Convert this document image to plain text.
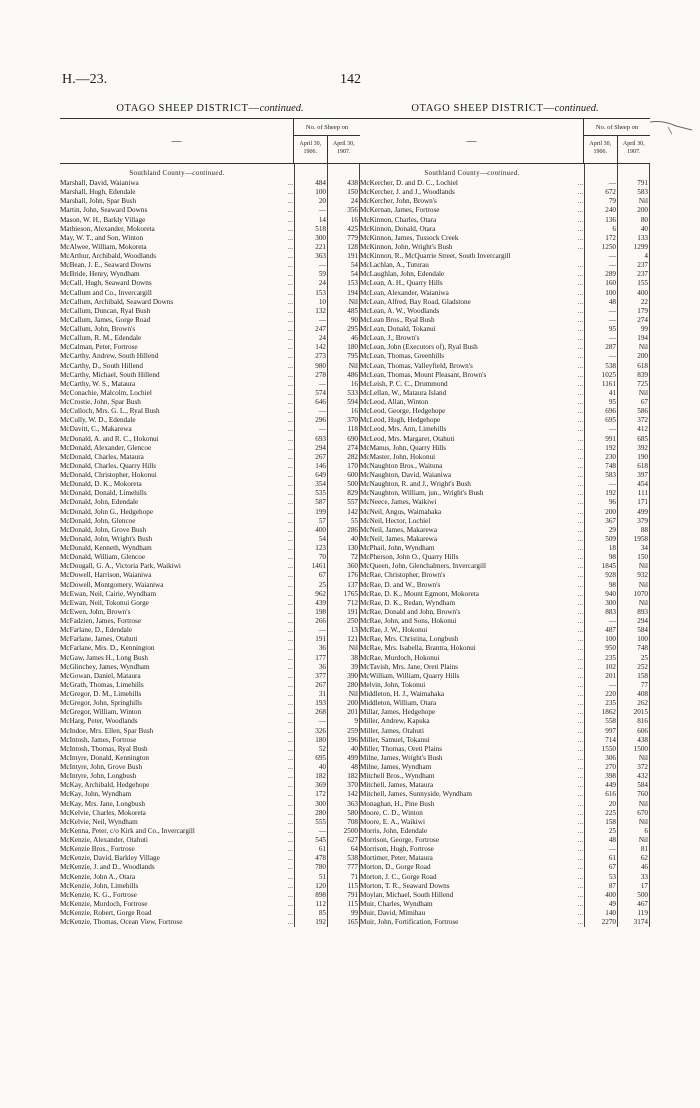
H.—23.	142
OTAGO SHEEP DISTRICT—continued.
—
No. of Sheep on
April 30, 1906.
April 30, 1907.
Southland County—continued.
Marshall, David, Waianiwa	...	484	438
Marshall, Hugh, Edendale	...	100	150
Marshall, John, Spar Bush	...	20	24
Martin, John, Seaward Downs	...	—	356
Mason, W. H., Barkly Village	...	14	16
Mathieson, Alexander, Mokoreta	...	518	425
May, W. T., and Son, Winton	...	300	779
McAlwee, William, Mokoreta	...	221	128
McArthur, Archibald, Woodlands	...	363	191
McBean, J. E., Seaward Downs	...	—	54
McBride, Henry, Wyndham	...	59	54
McCall, Hugh, Seaward Downs	...	24	153
McCallum and Co., Invercargill	...	153	194
McCallum, Archibald, Seaward Downs	...	10	Nil
McCallum, Duncan, Ryal Bush	...	132	485
McCallum, James, Gorge Road	...	—	90
McCallum, John, Brown's	...	247	295
McCallum, R. M., Edendale	...	24	46
McCalman, Peter, Fortrose	...	142	180
McCarthy, Andrew, South Hillend	...	273	795
McCarthy, D., South Hillend	...	980	Nil
McCarthy, Michael, South Hillend	...	278	486
McCarthy, W. S., Mataura	...	—	16
McConachie, Malcolm, Lochiel	...	574	533
McCrostie, John, Spar Bush	...	646	594
McCulloch, Mrs. G. L., Ryal Bush	...	—	16
McCully, W. D., Edendale	...	296	370
McDavitt, C., Makarewa	...	—	118
McDonald, A. and R. C., Hokonui	...	693	690
McDonald, Alexander, Glencoe	...	294	274
McDonald, Charles, Mataura	...	267	282
McDonald, Charles, Quarry Hills	...	146	170
McDonald, Christopher, Hokonui	...	649	600
McDonald, D. K., Mokoreta	...	354	500
McDonald, Donald, Limehills	...	535	829
McDonald, John, Edendale	...	587	557
McDonald, John G., Hedgehope	...	199	142
McDonald, John, Glencoe	...	57	55
McDonald, John, Grove Bush	...	400	286
McDonald, John, Wright's Bush	...	54	40
McDonald, Kenneth, Wyndham	...	123	130
McDonald, William, Glencoe	...	70	72
McDougall, G. A., Victoria Park, Waikiwi	...	1461	360
McDowell, Harrison, Waianiwa	...	67	176
McDowell, Montgomery, Waianiwa	...	25	137
McEwan, Neil, Cairie, Wyndham	...	962	1765
McEwan, Neil, Tokonui Gorge	...	439	712
McEwen, John, Brown's	...	198	191
McFadzien, James, Fortrose	...	266	250
McFarlane, D., Edendale	...	—	13
McFarlane, James, Otahuti	...	191	121
McFarlane, Mrs. D., Kennington	...	36	Nil
McGaw, James H., Long Bush	...	177	38
McGlinchey, James, Wyndham	...	36	39
McGowan, Daniel, Mataura	...	377	390
McGrath, Thomas, Limehills	...	267	280
McGregor, D. M., Limehills	...	31	Nil
McGregor, John, Springhills	...	193	200
McGregor, William, Winton	...	268	201
McHarg, Peter, Woodlands	...	—	9
McIndoe, Mrs. Ellen, Spar Bush	...	326	259
McIntosh, James, Fortrose	...	180	196
McIntosh, Thomas, Ryal Bush	...	52	40
McIntyre, Donald, Kennington	...	695	499
McIntyre, John, Grove Bush	...	40	48
McIntyre, John, Longbush	...	182	182
McKay, Archibald, Hedgehope	...	369	370
McKay, John, Wyndham	...	172	142
McKay, Mrs. Jane, Longbush	...	300	363
McKelvie, Charles, Mokoreta	...	280	580
McKelvie, Neil, Wyndham	...	555	708
McKenna, Peter, c/o Kirk and Co., Invercargill	...	—	2500
McKenzie, Alexander, Otahuti	...	545	627
McKenzie Bros., Fortrose	...	61	64
McKenzie, David, Barkley Village	...	478	538
McKenzie, J. and D., Woodlands	...	780	777
McKenzie, John A., Otara	...	51	71
McKenzie, John, Limehills	...	120	115
McKenzie, K. G., Fortrose	...	898	791
McKenzie, Murdoch, Fortrose	...	112	115
McKenzie, Robert, Gorge Road	...	85	99
McKenzie, Thomas, Ocean View, Fortrose	...	192	165
OTAGO SHEEP DISTRICT—continued.
—
No. of Sheep on
April 30, 1906.
April 30, 1907.
Southland County—continued.
McKercher, D. and D. C., Lochiel	...	—	791
McKercher, J. and J., Woodlands	...	672	583
McKercher, John, Brown's	...	79	Nil
McKernan, James, Fortrose	...	240	200
McKinnon, Charles, Otara	...	136	80
McKinnon, Donald, Otara	...	6	40
McKinnon, James, Tussock Creek	...	172	133
McKinnon, John, Wright's Bush	...	1250	1299
McKinnon, R., McQuarrie Street, South Invercargill	—	4
McLachlan, A., Tuturau	...	—	237
McLaughlan, John, Edendale	...	289	237
McLean, A. H., Quarry Hills	...	160	155
McLean, Alexander, Waianiwa	...	100	400
McLean, Alfred, Bay Road, Gladstone	...	48	22
McLean, A. W., Woodlands	...	—	179
McLean Bros., Ryal Bush	...	—	274
McLean, Donald, Tokanui	...	95	99
McLean, J., Brown's	...	—	194
McLean, John (Executors of), Ryal Bush	...	287	Nil
McLean, Thomas, Greenhills	...	—	200
McLean, Thomas, Valleyfield, Brown's	...	538	618
McLean, Thomas, Mount Pleasant, Brown's	...	1025	839
McLeish, P. C. C., Drummond	...	1161	725
McLellan, W., Mataura Island	...	41	Nil
McLeod, Allan, Winton	...	95	67
McLeod, George, Hedgehope	...	696	586
McLeod, Hugh, Hedgehope	...	695	372
McLeod, Mrs. Ann, Limehills	...	—	412
McLeod, Mrs. Margaret, Otahuti	...	991	685
McManus, John, Quarry Hills	...	192	392
McMaster, John, Hokonui	...	230	190
McNaughton Bros., Waituna	...	748	618
McNaughton, David, Waianiwa	...	583	397
McNaughton, R. and J., Wright's Bush	...	—	454
McNaughton, William, jun., Wright's Bush	...	192	111
McNeece, James, Waikiwi	...	96	171
McNeil, Angus, Waimahaka	...	200	499
McNeil, Hector, Lochiel	...	367	379
McNeil, James, Makarewa	...	29	88
McNeil, James, Makarewa	...	509	1958
McPhail, John, Wyndham	...	18	34
McPherson, John O., Quarry Hills	...	98	150
McQueen, John, Glenchalmers, Invercargill	...	1845	Nil
McRae, Christopher, Brown's	...	928	932
McRae, D. and W., Brown's	...	98	Nil
McRae, D. K., Mount Egmont, Mokoreta	...	940	1070
McRae, D. K., Redan, Wyndham	...	300	Nil
McRae, Donald and John, Brown's	...	883	893
McRae, John, and Sons, Hokonui	...	—	294
McRae, J. W., Hokonui	...	487	584
McRae, Mrs. Christina, Longbush	...	100	100
McRae, Mrs. Isabella, Brantra, Hokonui	...	950	748
McRae, Murdoch, Hokonui	...	235	25
McTavish, Mrs. Jane, Oreti Plains	...	102	252
McWilliam, William, Quarry Hills	...	201	158
Melvin, John, Tokonui	...	—	77
Middleton, H. J., Waimahaka	...	220	408
Middleton, William, Otara	...	235	262
Millar, James, Hedgehope	...	1862	2015
Miller, Andrew, Kapuka	...	558	816
Miller, James, Otahuti	...	997	606
Miller, Samuel, Tokanui	...	714	438
Miller, Thomas, Oreti Plains	...	1550	1500
Milne, James, Wright's Bush	...	306	Nil
Milne, James, Wyndham	...	270	372
Mitchell Bros., Wyndham	...	398	432
Mitchell, James, Mataura	...	449	584
Mitchell, James, Sunnyside, Wyndham	...	616	760
Monaghan, H., Pine Bush	...	20	Nil
Moore, C. D., Winton	...	225	670
Moore, E. A., Waikiwi	...	158	Nil
Morris, John, Edendale	...	25	6
Morrison, George, Fortrose	...	48	Nil
Morrison, Hugh, Fortrose	...	—	81
Mortimer, Peter, Mataura	...	61	62
Morton, D., Gorge Road	...	67	46
Morton, J. C., Gorge Road	...	53	33
Morton, T. R., Seaward Downs	...	87	17
Moylan, Michael, South Hillend	...	400	500
Muir, Charles, Wyndham	...	49	467
Muir, David, Mimihau	...	140	119
Muir, John, Fortification, Fortrose	...	2270	3174
